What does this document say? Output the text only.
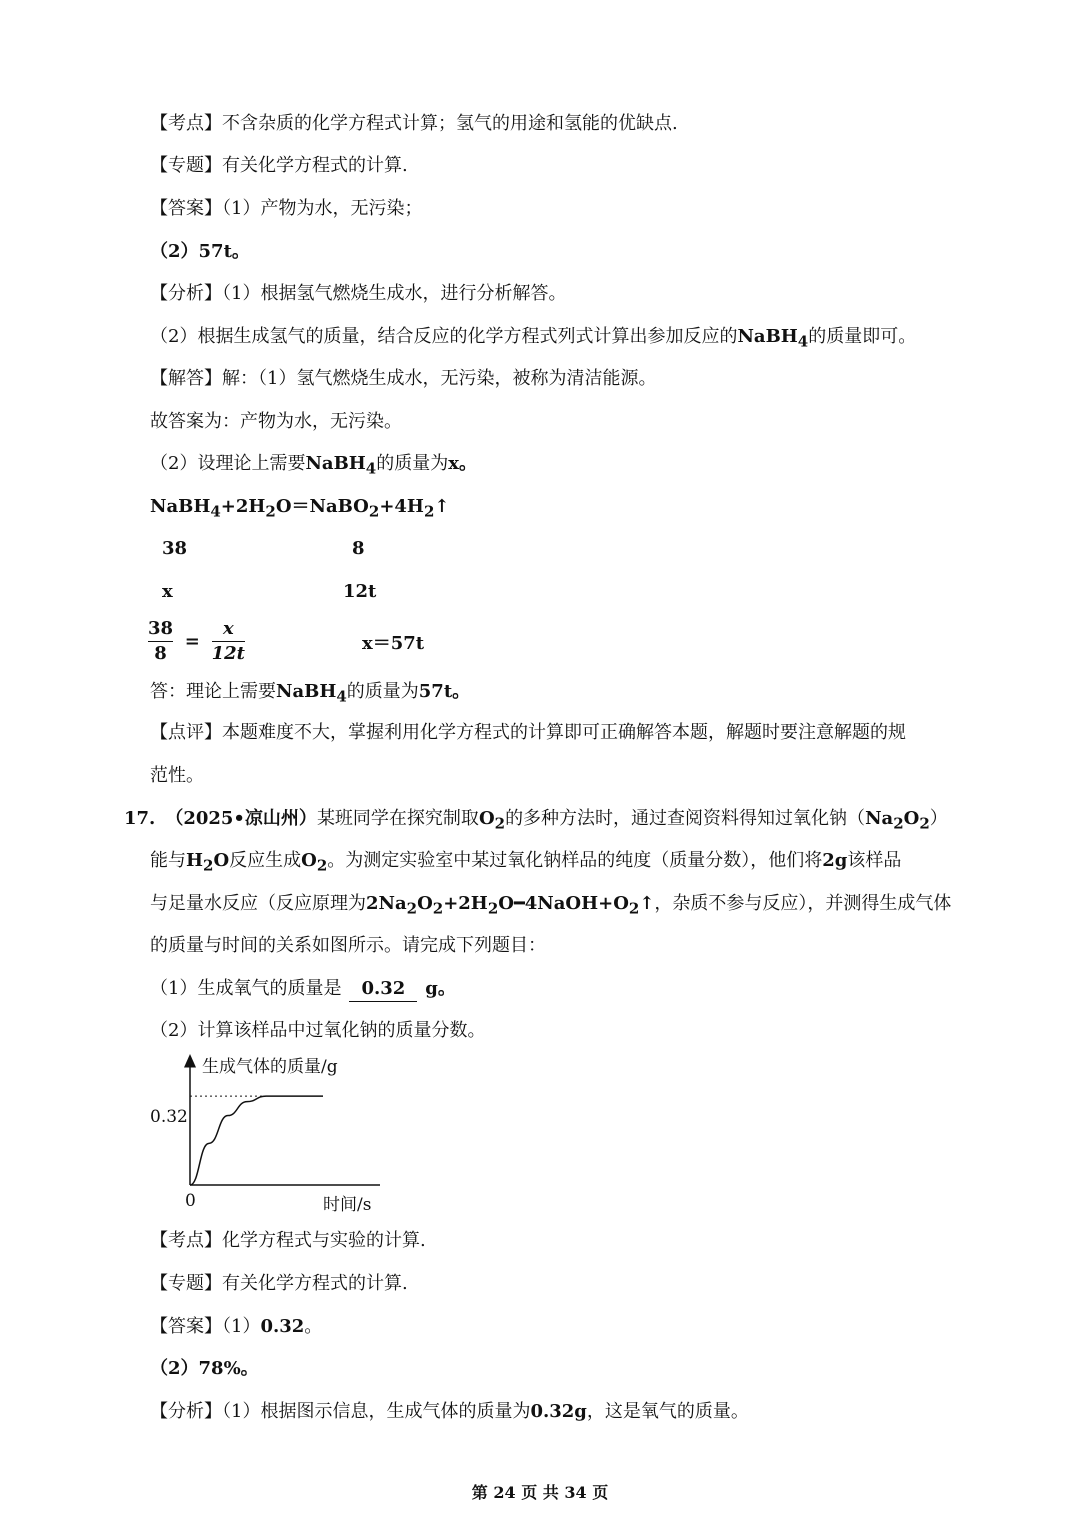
【考点】不含杂质的化学方程式计算；氢气的用途和氢能的优缺点.
【专题】有关化学方程式的计算.
【答案】（1）产物为水，无污染；
（2）57t。
【分析】（1）根据氢气燃烧生成水，进行分析解答。
（2）根据生成氢气的质量，结合反应的化学方程式列式计算出参加反应的NaBH$_4$的质量即可。
【解答】解：（1）氢气燃烧生成水，无污染，被称为清洁能源。
故答案为：产物为水，无污染。
（2）设理论上需要NaBH$_4$的质量为x。
$NaBH_4+2H_2O=NaBO_2+4H_2↑$
38	8
x	12t
$\frac{38}{8} = \frac{x}{12t}$	x＝57t
答：理论上需要NaBH$_4$的质量为57t。
【点评】本题难度不大，掌握利用化学方程式的计算即可正确解答本题，解题时要注意解题的规
范性。
17. （2025•凉山州）某班同学在探究制取$O_2$的多种方法时，通过查阅资料得知过氧化钠$(Na_2O_2)$
能与$H_2O$反应生成$O_2$。为测定实验室中某过氧化钠样品的纯度（质量分数），他们将2g该样品
与足量水反应（反应原理为$2Na_2O_2+2H_2O━4NaOH+O_2↑$，杂质不参与反应），并测得生成气体
的质量与时间的关系如图所示。请完成下列题目：
（1）生成氧气的质量是 0.32 g。
（2）计算该样品中过氧化钠的质量分数。
生成气体的质量/g
0.32
0	时间/s
【考点】化学方程式与实验的计算.
【专题】有关化学方程式的计算.
【答案】（1）0.32。
（2）78%。
【分析】（1）根据图示信息，生成气体的质量为0.32g，这是氧气的质量。
第 24 页 共 34 页
